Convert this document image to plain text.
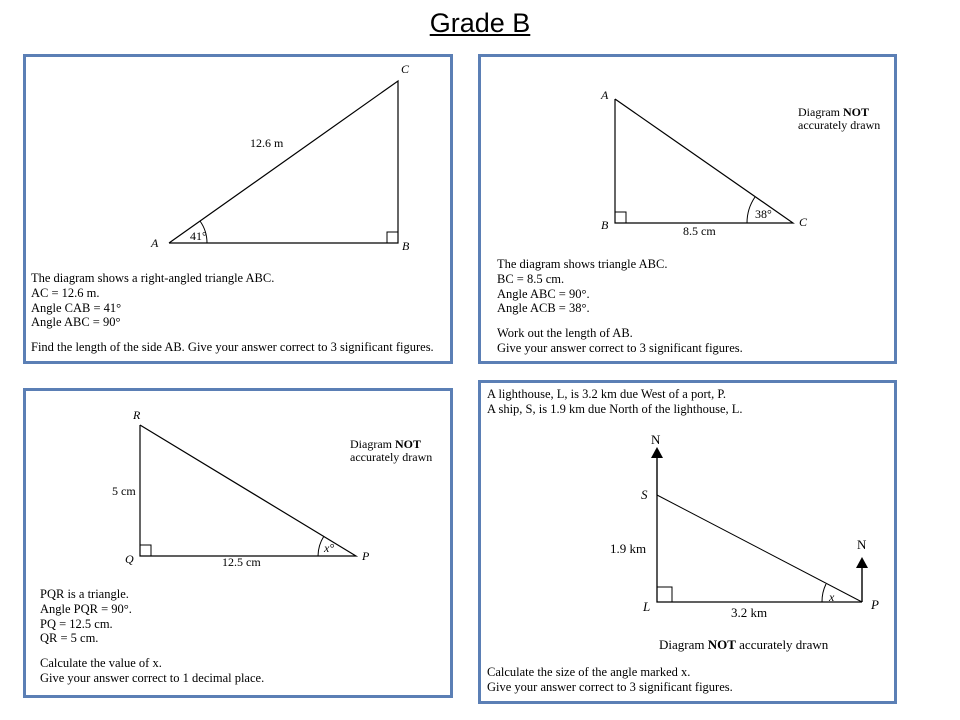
Grade B
A	B
C
12.6 m
41°
The diagram shows a right-angled triangle ABC.
AC = 12.6 m.
Angle CAB = 41°
Angle ABC = 90°
Find the length of the side AB. Give your answer correct to 3 significant figures.
A
B	C
8.5 cm
38°
Diagram NOT
accurately drawn
The diagram shows triangle ABC.
BC = 8.5 cm.
Angle ABC = 90°.
Angle ACB = 38°.
Work out the length of AB.
Give your answer correct to 3 significant figures.
R
Q	P
5 cm
12.5 cm
x°
Diagram NOT
accurately drawn
PQR is a triangle.
Angle PQR = 90°.
PQ = 12.5 cm.
QR = 5 cm.
Calculate the value of x.
Give your answer correct to 1 decimal place.
A lighthouse, L, is 3.2 km due West of a port, P.
A ship, S, is 1.9 km due North of the lighthouse, L.
N
N
S
L	P
1.9 km
3.2 km
x
Diagram NOT accurately drawn
Calculate the size of the angle marked x.
Give your answer correct to 3 significant figures.
